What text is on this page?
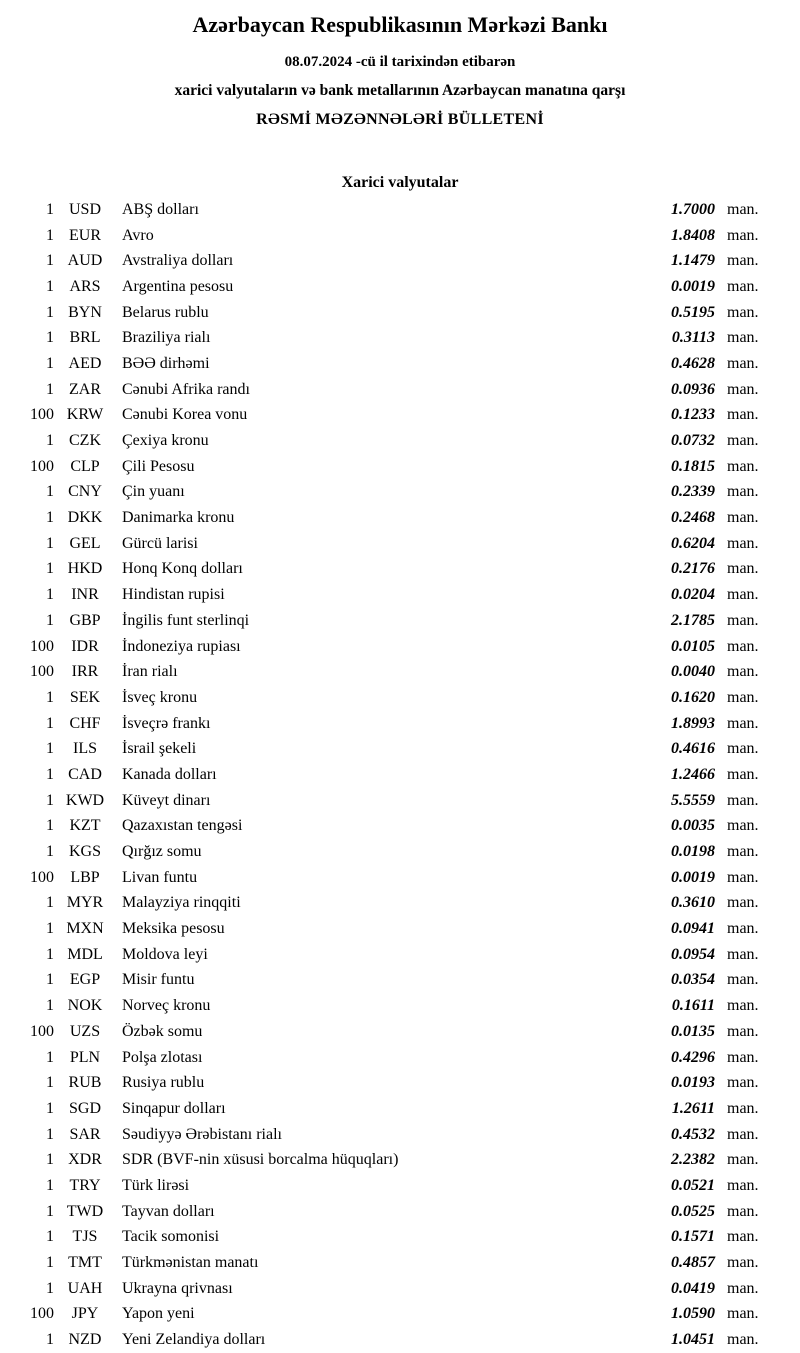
Azərbaycan Respublikasının Mərkəzi Bankı
08.07.2024 -cü il tarixindən etibarən
xarici valyutaların və bank metallarının Azərbaycan manatına qarşı
RƏSMİ MƏZƏNNƏLƏRİ BÜLLETENİ
Xarici valyutalar
1 USD	ABŞ dolları	1.7000 man.
1 EUR	Avro	1.8408 man.
1 AUD	Avstraliya dolları	1.1479 man.
1 ARS	Argentina pesosu	0.0019 man.
1 BYN	Belarus rublu	0.5195 man.
1 BRL	Braziliya rialı	0.3113 man.
1 AED	BƏƏ dirhəmi	0.4628 man.
1 ZAR	Cənubi Afrika randı	0.0936 man.
100 KRW	Cənubi Korea vonu	0.1233 man.
1 CZK	Çexiya kronu	0.0732 man.
100	CLP	Çili Pesosu	0.1815 man.
1 CNY	Çin yuanı	0.2339 man.
1 DKK	Danimarka kronu	0.2468 man.
1 GEL	Gürcü larisi	0.6204 man.
1 HKD	Honq Konq dolları	0.2176 man.
1	INR	Hindistan rupisi	0.0204 man.
1 GBP	İngilis funt sterlinqi	2.1785 man.
100	IDR	İndoneziya rupiası	0.0105 man.
100	IRR	İran rialı	0.0040 man.
1 SEK	İsveç kronu	0.1620 man.
1 CHF	İsveçrə frankı	1.8993 man.
1	ILS	İsrail şekeli	0.4616 man.
1 CAD	Kanada dolları	1.2466 man.
1 KWD	Küveyt dinarı	5.5559 man.
1 KZT	Qazaxıstan tengəsi	0.0035 man.
1 KGS	Qırğız somu	0.0198 man.
100	LBP	Livan funtu	0.0019 man.
1 MYR	Malayziya rinqqiti	0.3610 man.
1 MXN	Meksika pesosu	0.0941 man.
1 MDL	Moldova leyi	0.0954 man.
1 EGP	Misir funtu	0.0354 man.
1 NOK	Norveç kronu	0.1611 man.
100 UZS	Özbək somu	0.0135 man.
1 PLN	Polşa zlotası	0.4296 man.
1 RUB	Rusiya rublu	0.0193 man.
1 SGD	Sinqapur dolları	1.2611 man.
1 SAR	Səudiyyə Ərəbistanı rialı	0.4532 man.
1 XDR	SDR (BVF-nin xüsusi borcalma hüquqları)	2.2382 man.
1 TRY	Türk lirəsi	0.0521 man.
1 TWD	Tayvan dolları	0.0525 man.
1	TJS	Tacik somonisi	0.1571 man.
1 TMT	Türkmənistan manatı	0.4857 man.
1 UAH	Ukrayna qrivnası	0.0419 man.
100	JPY	Yapon yeni	1.0590 man.
1 NZD	Yeni Zelandiya dolları	1.0451 man.
